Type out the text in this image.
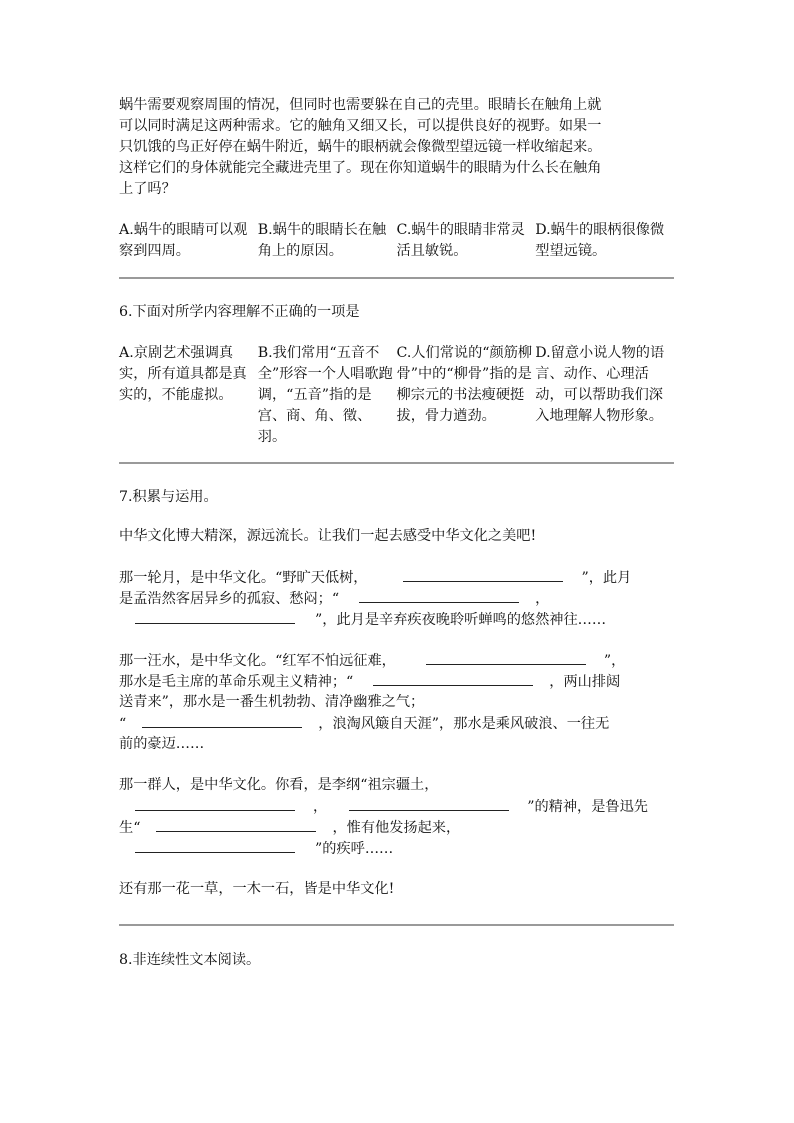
蜗牛需要观察周围的情况，但同时也需要躲在自己的壳里。眼睛长在触角上就
可以同时满足这两种需求。它的触角又细又长，可以提供良好的视野。如果一
只饥饿的鸟正好停在蜗牛附近，蜗牛的眼柄就会像微型望远镜一样收缩起来。
这样它们的身体就能完全藏进壳里了。现在你知道蜗牛的眼睛为什么长在触角
上了吗？
A.蜗牛的眼睛可以观察到四周。
B.蜗牛的眼睛长在触角上的原因。
C.蜗牛的眼睛非常灵活且敏锐。
D.蜗牛的眼柄很像微型望远镜。
6.下面对所学内容理解不正确的一项是
A.京剧艺术强调真实，所有道具都是真实的，不能虚拟。
B.我们常用“五音不全”形容一个人唱歌跑调，“五音”指的是宫、商、角、徵、羽。
C.人们常说的“颜筋柳骨”中的“柳骨”指的是柳宗元的书法瘦硬挺拔，骨力遒劲。
D.留意小说人物的语言、动作、心理活动，可以帮助我们深入地理解人物形象。
7.积累与运用。
中华文化博大精深，源远流长。让我们一起去感受中华文化之美吧!
那一轮月，是中华文化。“野旷天低树，	”，此月
是孟浩然客居异乡的孤寂、愁闷；“	，
”，此月是辛弃疾夜晚聆听蝉鸣的悠然神往……
那一汪水，是中华文化。“红军不怕远征难，	”，
那水是毛主席的革命乐观主义精神；“	，两山排闼
送青来”，那水是一番生机勃勃、清净幽雅之气；
“	，浪淘风簸自天涯”，那水是乘风破浪、一往无
前的豪迈……
那一群人，是中华文化。你看，是李纲“祖宗疆土，
，	”的精神，是鲁迅先
生“	，惟有他发扬起来，
”的疾呼……
还有那一花一草，一木一石，皆是中华文化!
8.非连续性文本阅读。
